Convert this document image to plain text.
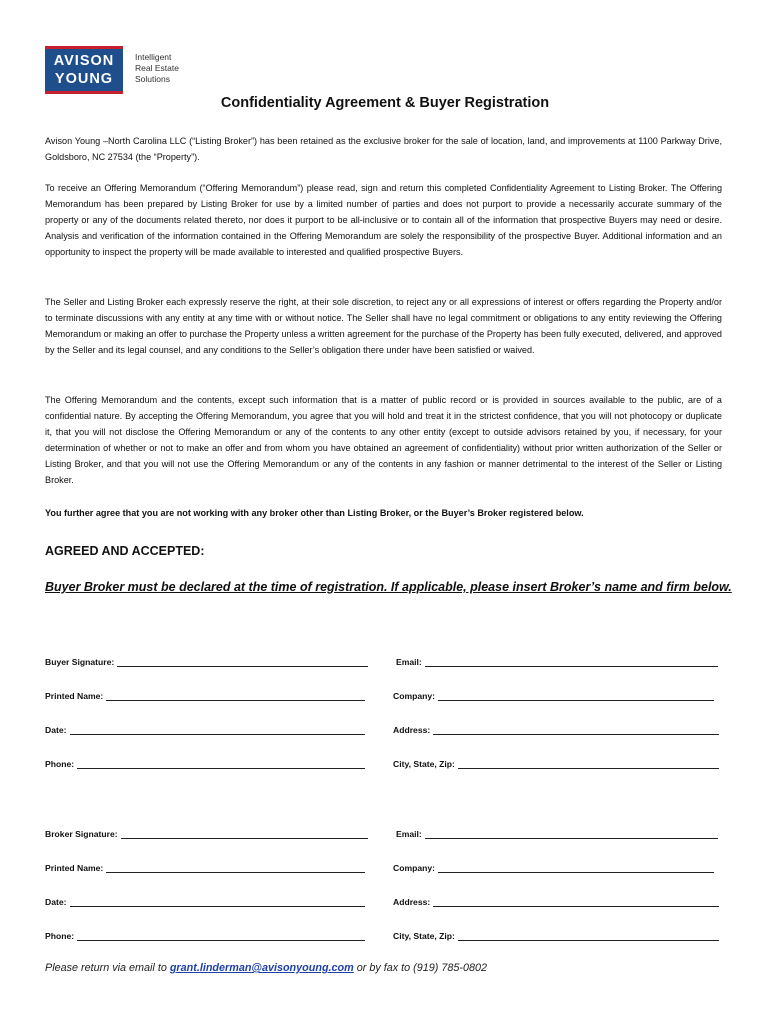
AVISON
YOUNG
Intelligent
Real Estate
Solutions
Confidentiality Agreement & Buyer Registration
Avison Young –North Carolina LLC (“Listing Broker”) has been retained as the exclusive broker for the sale of location, land, and improvements at 1100 Parkway Drive, Goldsboro, NC 27534 (the “Property”).
To receive an Offering Memorandum (“Offering Memorandum”) please read, sign and return this completed Confidentiality Agreement to Listing Broker. The Offering Memorandum has been prepared by Listing Broker for use by a limited number of parties and does not purport to provide a necessarily accurate summary of the property or any of the documents related thereto, nor does it purport to be all-inclusive or to contain all of the information that prospective Buyers may need or desire. Analysis and verification of the information contained in the Offering Memorandum are solely the responsibility of the prospective Buyer. Additional information and an opportunity to inspect the property will be made available to interested and qualified prospective Buyers.
The Seller and Listing Broker each expressly reserve the right, at their sole discretion, to reject any or all expressions of interest or offers regarding the Property and/or to terminate discussions with any entity at any time with or without notice. The Seller shall have no legal commitment or obligations to any entity reviewing the Offering Memorandum or making an offer to purchase the Property unless a written agreement for the purchase of the Property has been fully executed, delivered, and approved by the Seller and its legal counsel, and any conditions to the Seller’s obligation there under have been satisfied or waived.
The Offering Memorandum and the contents, except such information that is a matter of public record or is provided in sources available to the public, are of a confidential nature. By accepting the Offering Memorandum, you agree that you will hold and treat it in the strictest confidence, that you will not photocopy or duplicate it, that you will not disclose the Offering Memorandum or any of the contents to any other entity (except to outside advisors retained by you, if necessary, for your determination of whether or not to make an offer and from whom you have obtained an agreement of confidentiality) without prior written authorization of the Seller or Listing Broker, and that you will not use the Offering Memorandum or any of the contents in any fashion or manner detrimental to the interest of the Seller or Listing Broker.
You further agree that you are not working with any broker other than Listing Broker, or the Buyer’s Broker registered below.
AGREED AND ACCEPTED:
Buyer Broker must be declared at the time of registration. If applicable, please insert Broker’s name and firm below.
Buyer Signature:	Email:
Printed Name:	Company:
Date:	Address:
Phone:	City, State, Zip:
Broker Signature:	Email:
Printed Name:	Company:
Date:	Address:
Phone:	City, State, Zip:
Please return via email to grant.linderman@avisonyoung.com or by fax to (919) 785-0802
